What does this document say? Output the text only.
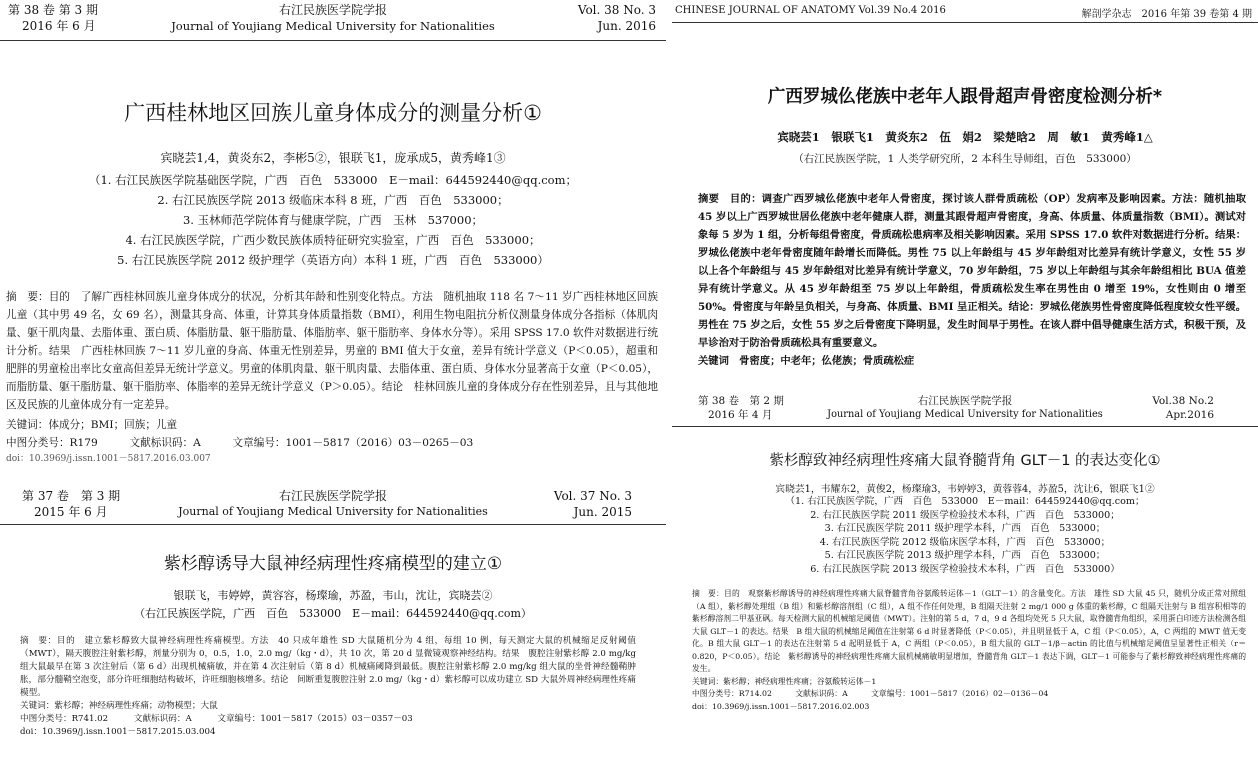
第 38 卷 第 3 期
2016 年 6 月
右江民族医学院学报
Journal of Youjiang Medical University for Nationalities
Vol. 38 No. 3
Jun. 2016
广西桂林地区回族儿童身体成分的测量分析①
宾晓芸1,4，黄炎东2，李彬5②，银联飞1，庞承成5，黄秀峰1③
（1. 右江民族医学院基础医学院，广西　百色　533000　E－mail：644592440@qq.com；
2. 右江民族医学院 2013 级临床本科 8 班，广西　百色　533000；
3. 玉林师范学院体育与健康学院，广西　玉林　537000；
4. 右江民族医学院，广西少数民族体质特征研究实验室，广西　百色　533000；
5. 右江民族医学院 2012 级护理学（英语方向）本科 1 班，广西　百色　533000）
摘　要：目的　了解广西桂林回族儿童身体成分的状况，分析其年龄和性别变化特点。方法　随机抽取 118 名 7～11 岁广西桂林地区回族儿童（其中男 49 名，女 69 名），测量其身高、体重，计算其身体质量指数（BMI），利用生物电阻抗分析仪测量身体成分各指标（体肌肉量、躯干肌肉量、去脂体重、蛋白质、体脂肪量、躯干脂肪量、体脂肪率、躯干脂肪率、身体水分等）。采用 SPSS 17.0 软件对数据进行统计分析。结果　广西桂林回族 7～11 岁儿童的身高、体重无性别差异，男童的 BMI 值大于女童，差异有统计学意义（P＜0.05），超重和肥胖的男童检出率比女童高但差异无统计学意义。男童的体肌肉量、躯干肌肉量、去脂体重、蛋白质、身体水分显著高于女童（P＜0.05），而脂肪量、躯干脂肪量、躯干脂肪率、体脂率的差异无统计学意义（P＞0.05）。结论　桂林回族儿童的身体成分存在性别差异，且与其他地区及民族的儿童体成分有一定差异。
关键词：体成分；BMI；回族；儿童
中图分类号：R179　　　文献标识码：A　　　文章编号：1001－5817（2016）03－0265－03
doi：10.3969/j.issn.1001－5817.2016.03.007
第 37 卷　第 3 期
2015 年 6 月
右江民族医学院学报
Journal of Youjiang Medical University for Nationalities
Vol. 37 No. 3
Jun. 2015
紫杉醇诱导大鼠神经病理性疼痛模型的建立①
银联飞，韦婷婷，黄容容，杨璨瑜，苏盈，韦山，沈让，宾晓芸②
（右江民族医学院，广西　百色　533000　E－mail：644592440@qq.com）
摘　要：目的　建立紫杉醇致大鼠神经病理性疼痛模型。方法　40 只成年雄性 SD 大鼠随机分为 4 组，每组 10 例，每天测定大鼠的机械缩足反射阈值（MWT），隔天腹腔注射紫杉醇，剂量分别为 0，0.5，1.0，2.0 mg/（kg・d），共 10 次，第 20 d 显微镜观察神经结构。结果　腹腔注射紫杉醇 2.0 mg/kg 组大鼠最早在第 3 次注射后（第 6 d）出现机械痛敏，并在第 4 次注射后（第 8 d）机械痛阈降到最低。腹腔注射紫杉醇 2.0 mg/kg 组大鼠的坐骨神经髓鞘肿胀，部分髓鞘空泡变，部分许旺细胞结构破坏，许旺细胞核增多。结论　间断重复腹腔注射 2.0 mg/（kg・d）紫杉醇可以成功建立 SD 大鼠外周神经病理性疼痛模型。
关键词：紫杉醇；神经病理性疼痛；动物模型；大鼠
中图分类号：R741.02　　　文献标识码：A　　　文章编号：1001－5817（2015）03－0357－03
doi：10.3969/j.issn.1001－5817.2015.03.004
CHINESE JOURNAL OF ANATOMY Vol.39 No.4 2016	解剖学杂志　2016 年第 39 卷第 4 期
广西罗城仫佬族中老年人跟骨超声骨密度检测分析*
宾晓芸1　银联飞1　黄炎东2　伍　娟2　梁楚晗2　周　敏1　黄秀峰1△
（右江民族医学院，1 人类学研究所，2 本科生导师组，百色　533000）
摘要　目的：调查广西罗城仫佬族中老年人骨密度，探讨该人群骨质疏松（OP）发病率及影响因素。方法：随机抽取 45 岁以上广西罗城世居仫佬族中老年健康人群，测量其跟骨超声骨密度，身高、体质量、体质量指数（BMI）。测试对象每 5 岁为 1 组，分析每组骨密度，骨质疏松患病率及相关影响因素。采用 SPSS 17.0 软件对数据进行分析。结果：罗城仫佬族中老年骨密度随年龄增长而降低。男性 75 以上年龄组与 45 岁年龄组对比差异有统计学意义，女性 55 岁以上各个年龄组与 45 岁年龄组对比差异有统计学意义，70 岁年龄组，75 岁以上年龄组与其余年龄组相比 BUA 值差异有统计学意义。从 45 岁年龄组至 75 岁以上年龄组，骨质疏松发生率在男性由 0 增至 19%，女性则由 0 增至 50%。骨密度与年龄呈负相关，与身高、体质量、BMI 呈正相关。结论：罗城仫佬族男性骨密度降低程度较女性平缓。男性在 75 岁之后，女性 55 岁之后骨密度下降明显，发生时间早于男性。在该人群中倡导健康生活方式，积极干预，及早诊治对于防治骨质疏松具有重要意义。
关键词　骨密度；中老年；仫佬族；骨质疏松症
第 38 卷　第 2 期
2016 年 4 月
右江民族医学院学报
Journal of Youjiang Medical University for Nationalities
Vol.38 No.2
Apr.2016
紫杉醇致神经病理性疼痛大鼠脊髓背角 GLT－1 的表达变化①
宾晓芸1，韦耀东2，黄俊2，杨璨瑜3，韦婷婷3，黄蓉蓉4，苏盈5，沈让6，银联飞1②
（1. 右江民族医学院，广西　百色　533000　E－mail：644592440@qq.com；
2. 右江民族医学院 2011 级医学检验技术本科，广西　百色　533000；
3. 右江民族医学院 2011 级护理学本科，广西　百色　533000；
4. 右江民族医学院 2012 级临床医学本科，广西　百色　533000；
5. 右江民族医学院 2013 级护理学本科，广西　百色　533000；
6. 右江民族医学院 2013 级医学检验技术本科，广西　百色　533000）
摘　要：目的　观察紫杉醇诱导的神经病理性疼痛大鼠脊髓背角谷氨酸转运体－1（GLT－1）的含量变化。方法　雄性 SD 大鼠 45 只，随机分成正常对照组（A 组），紫杉醇处理组（B 组）和紫杉醇溶剂组（C 组），A 组不作任何处理，B 组隔天注射 2 mg/1 000 g 体重的紫杉醇，C 组隔天注射与 B 组容积相等的紫杉醇溶剂二甲基亚砜。每天检测大鼠的机械缩足阈值（MWT）。注射的第 5 d，7 d，9 d 各组均处死 5 只大鼠，取脊髓背角组织，采用蛋白印迹方法检测各组大鼠 GLT－1 的表达。结果　B 组大鼠的机械缩足阈值在注射第 6 d 时显著降低（P＜0.05），并且明显低于 A，C 组（P＜0.05），A，C 两组的 MWT 值无变化。B 组大鼠 GLT－1 的表达在注射第 5 d 起明显低于 A，C 两组（P＜0.05），B 组大鼠的 GLT－1/β－actin 的比值与机械缩足阈值呈显著性正相关（r＝0.820，P＜0.05）。结论　紫杉醇诱导的神经病理性疼痛大鼠机械痛敏明显增加，脊髓背角 GLT－1 表达下调，GLT－1 可能参与了紫杉醇致神经病理性疼痛的发生。
关键词：紫杉醇；神经病理性疼痛；谷氨酸转运体－1
中图分类号：R714.02　　　文献标识码：A　　　文章编号：1001－5817（2016）02－0136－04
doi：10.3969/j.issn.1001－5817.2016.02.003
